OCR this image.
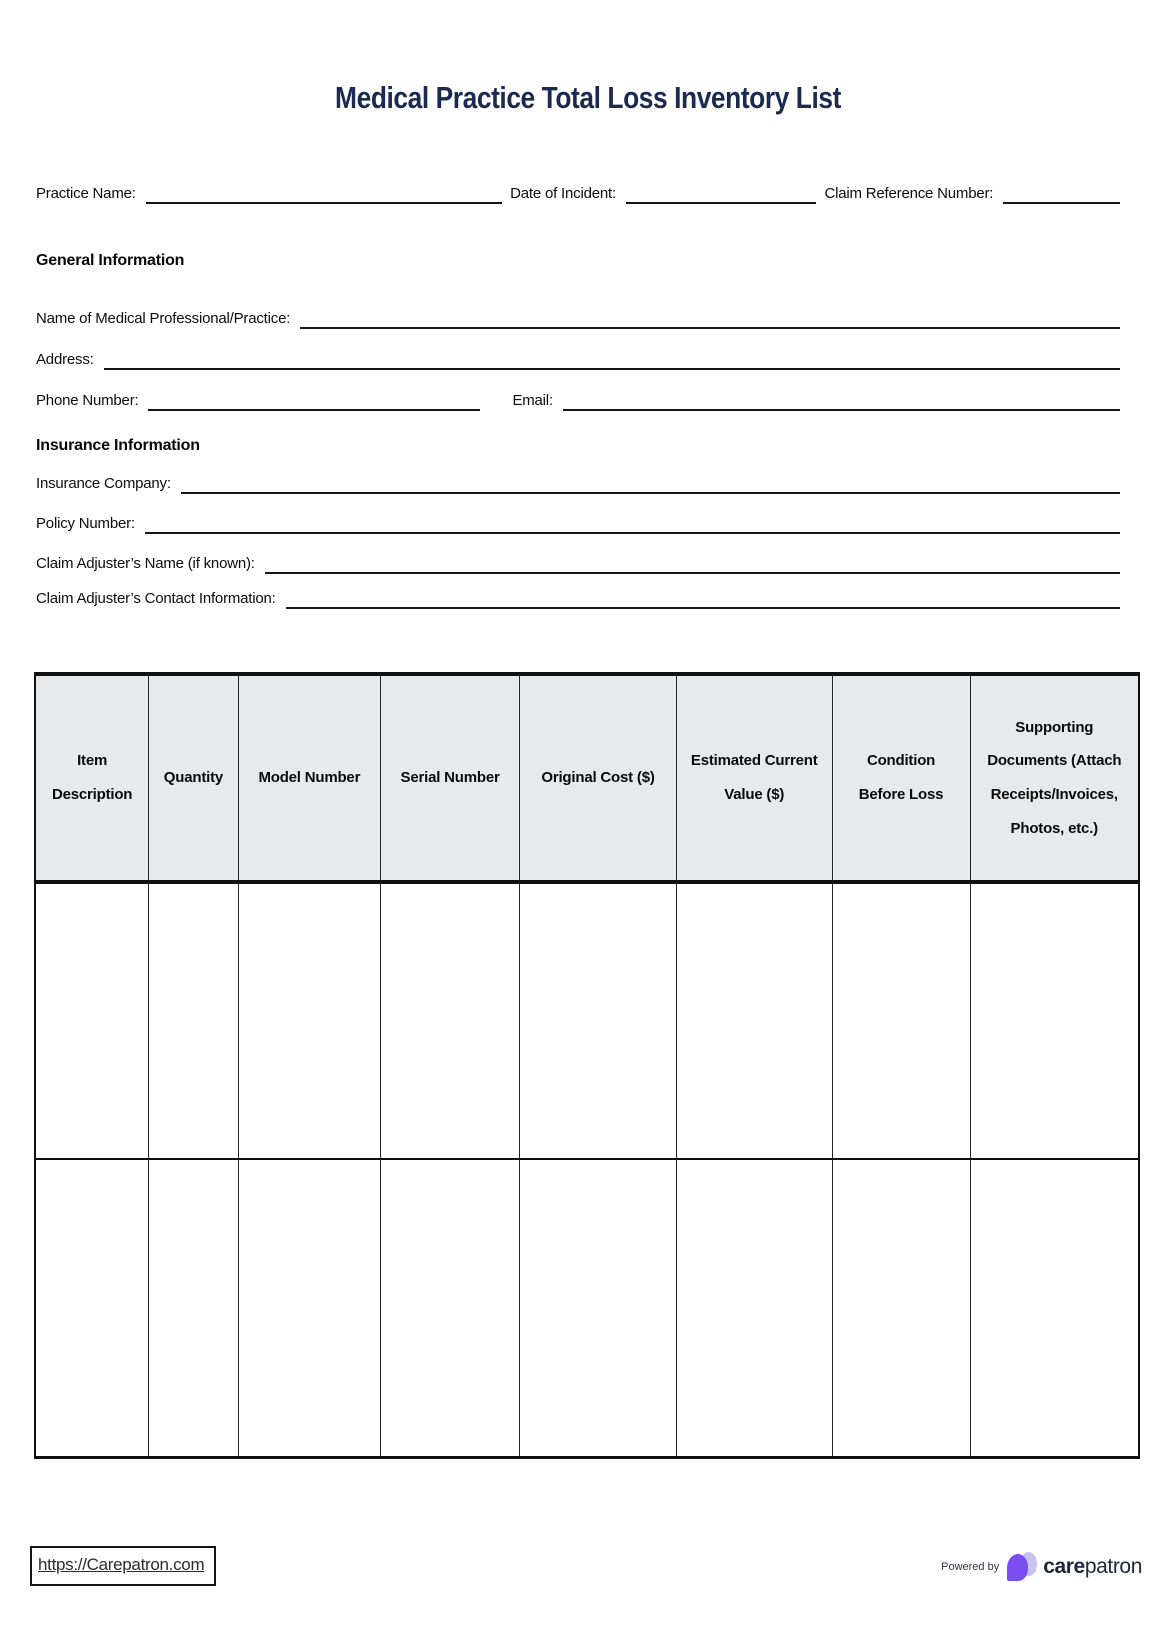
Medical Practice Total Loss Inventory List
Practice Name:	Date of Incident:	Claim Reference Number:
General Information
Name of Medical Professional/Practice:
Address:
Phone Number:	Email:
Insurance Information
Insurance Company:
Policy Number:
Claim Adjuster’s Name (if known):
Claim Adjuster’s Contact Information:
Item Description	Quantity	Model Number	Serial Number	Original Cost ($)	Estimated Current Value ($)	Condition Before Loss	Supporting Documents (Attach Receipts/Invoices, Photos, etc.)

https://Carepatron.com	Powered by carepatron
